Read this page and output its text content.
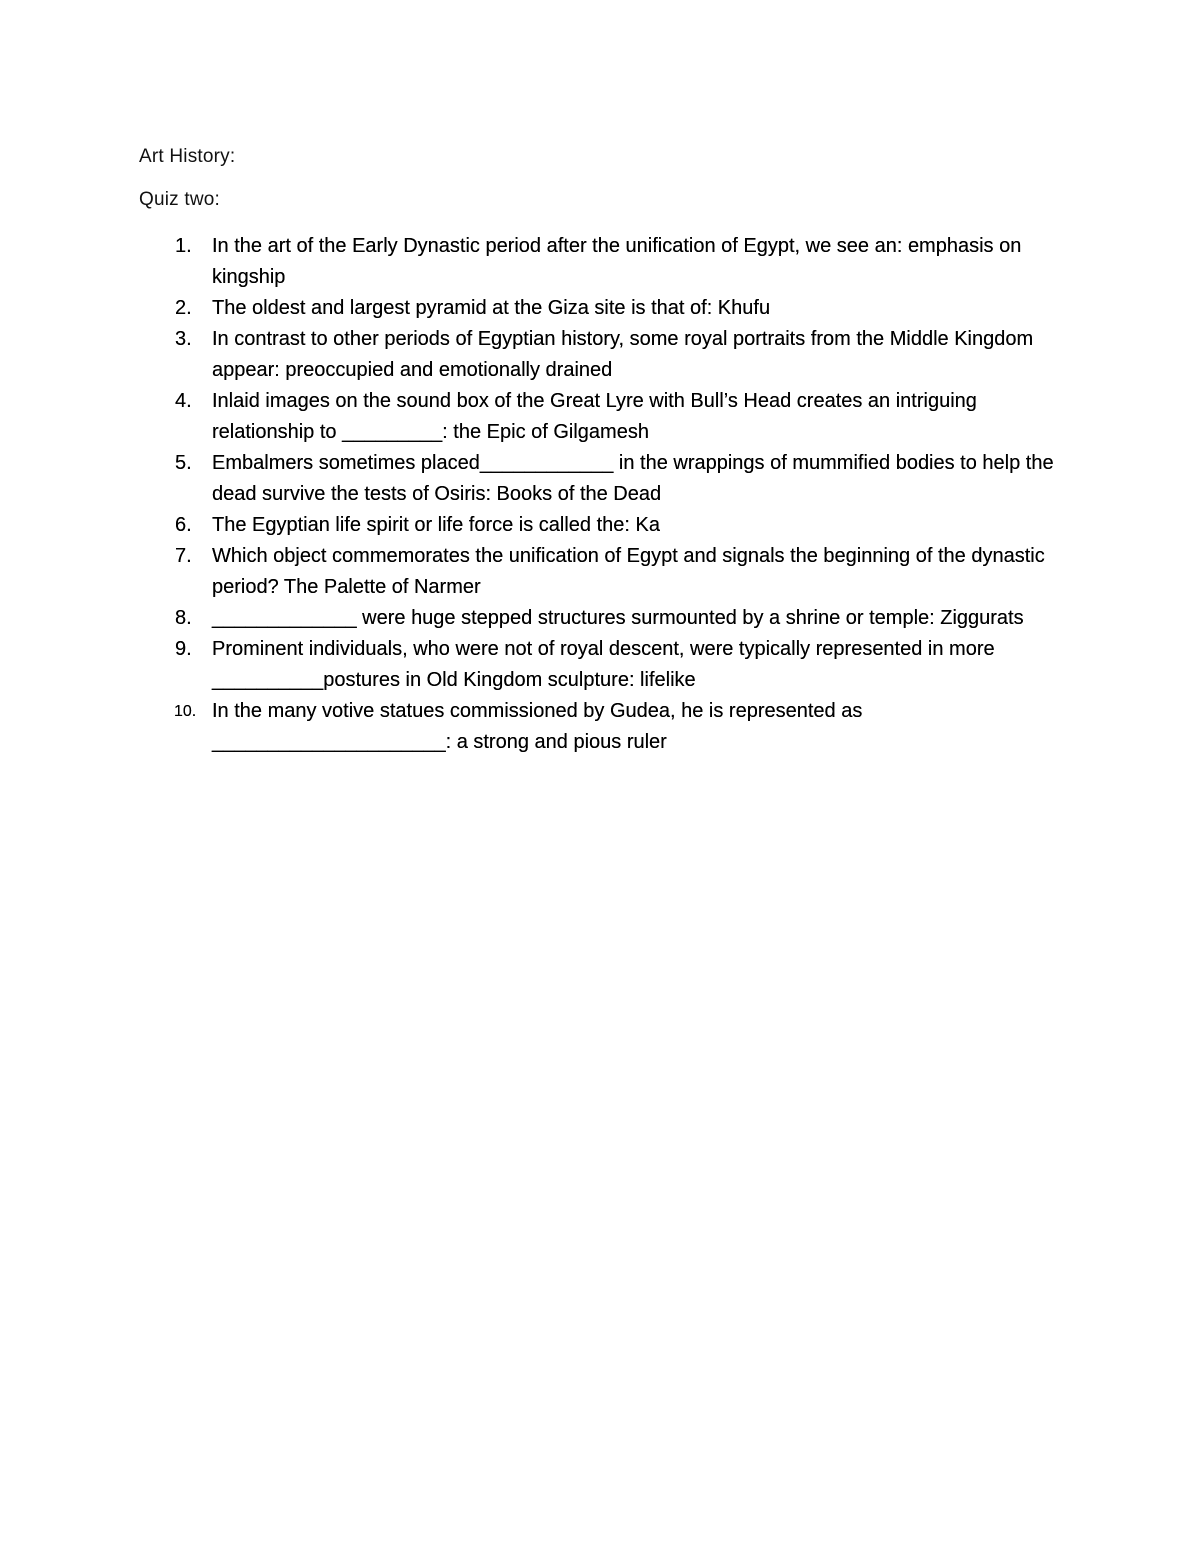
Art History:
Quiz two:
1. In the art of the Early Dynastic period after the unification of Egypt, we see an: emphasis on kingship
2. The oldest and largest pyramid at the Giza site is that of: Khufu
3. In contrast to other periods of Egyptian history, some royal portraits from the Middle Kingdom appear: preoccupied and emotionally drained
4. Inlaid images on the sound box of the Great Lyre with Bull’s Head creates an intriguing relationship to _________: the Epic of Gilgamesh
5. Embalmers sometimes placed____________ in the wrappings of mummified bodies to help the dead survive the tests of Osiris: Books of the Dead
6. The Egyptian life spirit or life force is called the: Ka
7. Which object commemorates the unification of Egypt and signals the beginning of the dynastic period? The Palette of Narmer
8. _____________ were huge stepped structures surmounted by a shrine or temple: Ziggurats
9. Prominent individuals, who were not of royal descent, were typically represented in more __________postures in Old Kingdom sculpture: lifelike
10. In the many votive statues commissioned by Gudea, he is represented as _____________________: a strong and pious ruler
